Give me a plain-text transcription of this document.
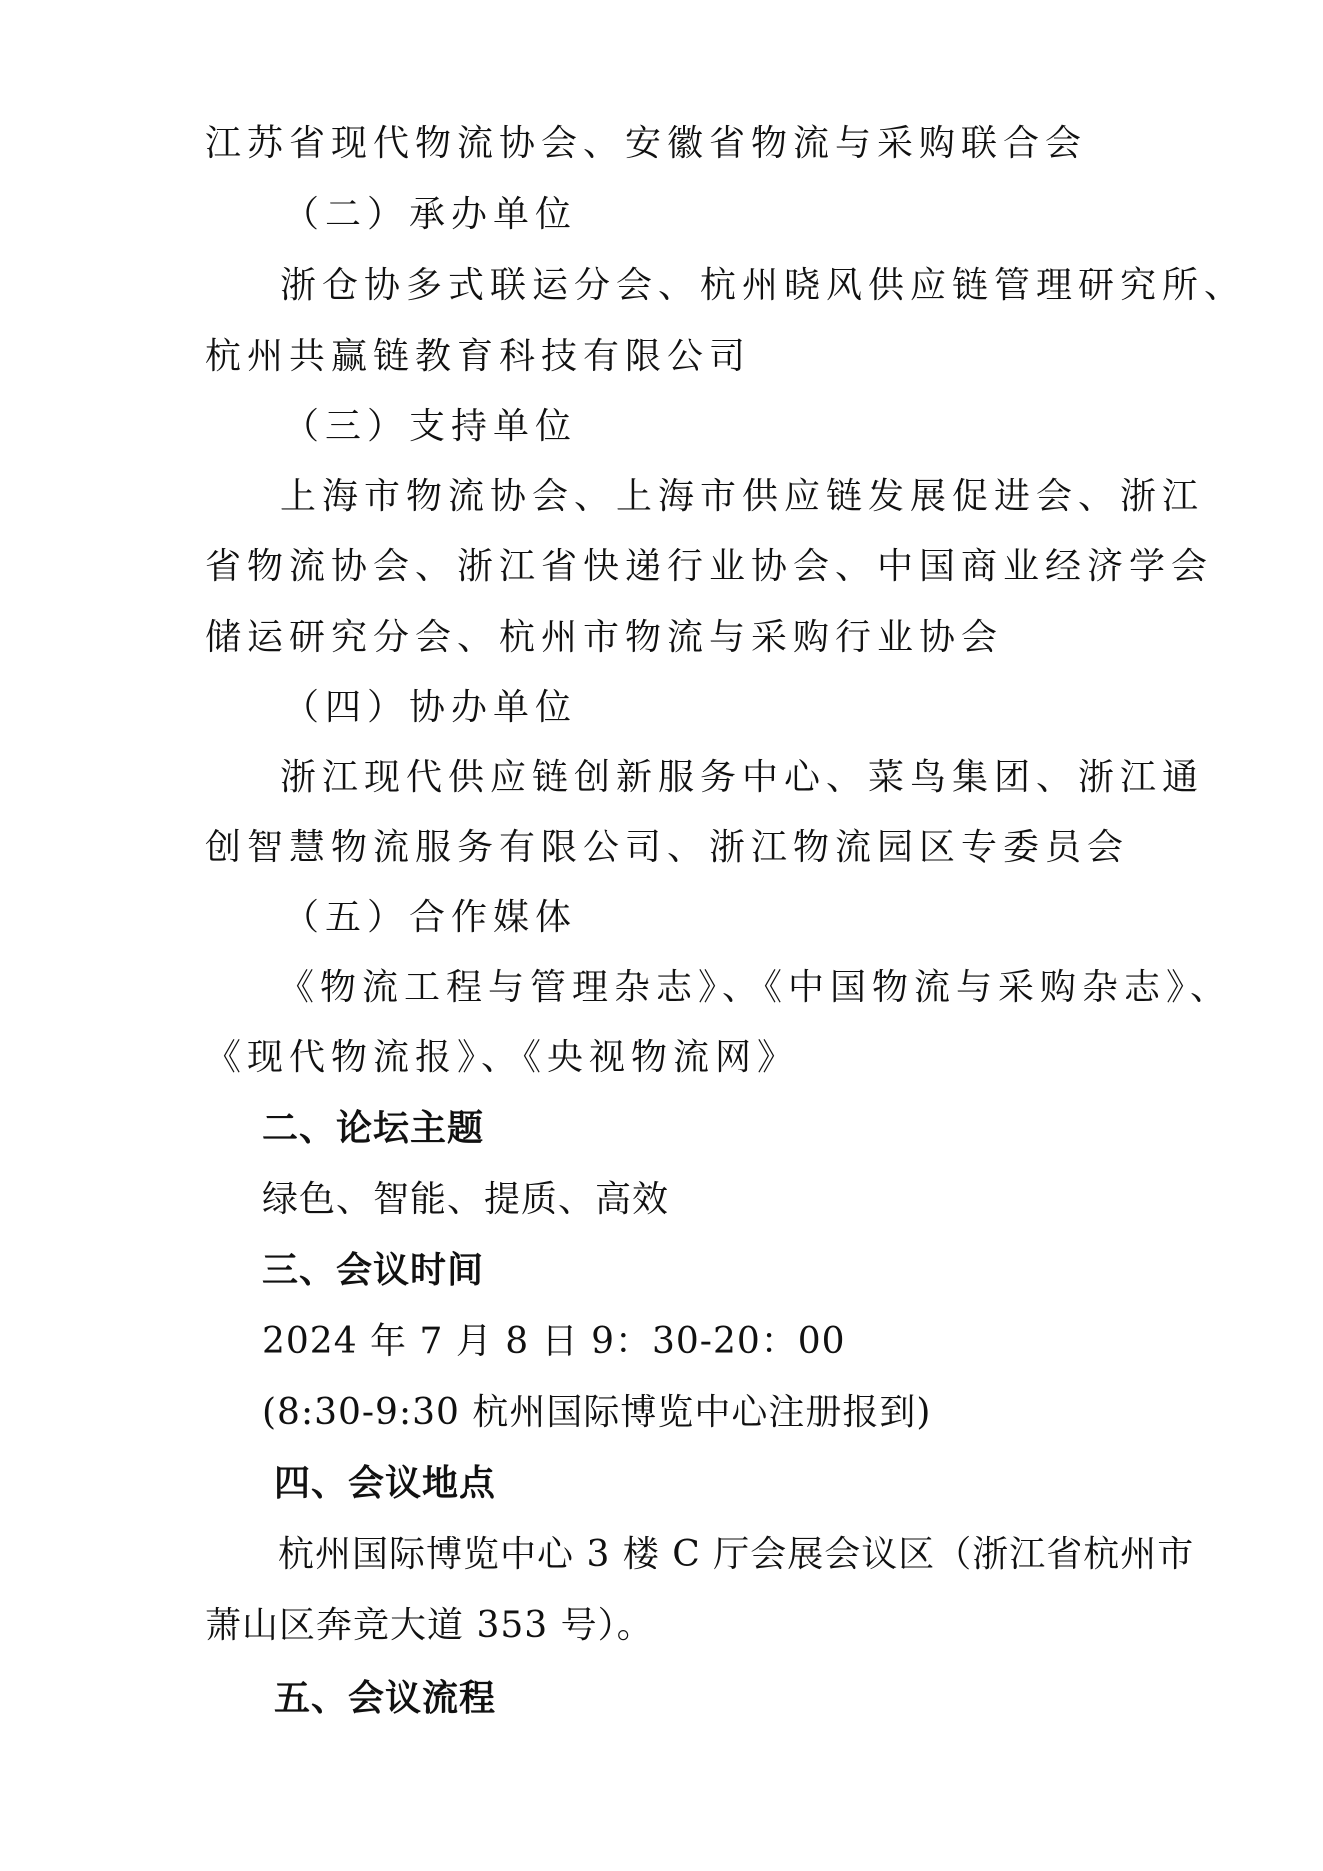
江苏省现代物流协会、安徽省物流与采购联合会
（二）承办单位
浙仓协多式联运分会、杭州晓风供应链管理研究所、
杭州共赢链教育科技有限公司
（三）支持单位
上海市物流协会、上海市供应链发展促进会、浙江
省物流协会、浙江省快递行业协会、中国商业经济学会
储运研究分会、杭州市物流与采购行业协会
（四）协办单位
浙江现代供应链创新服务中心、菜鸟集团、浙江通
创智慧物流服务有限公司、浙江物流园区专委员会
（五）合作媒体
《物流工程与管理杂志》、《中国物流与采购杂志》、
《现代物流报》、《央视物流网》
二、论坛主题
绿色、智能、提质、高效
三、会议时间
2024 年 7 月 8 日 9：30-20：00
(8:30-9:30 杭州国际博览中心注册报到)
四、会议地点
杭州国际博览中心 3 楼 C 厅会展会议区（浙江省杭州市
萧山区奔竞大道 353 号）。
五、会议流程
